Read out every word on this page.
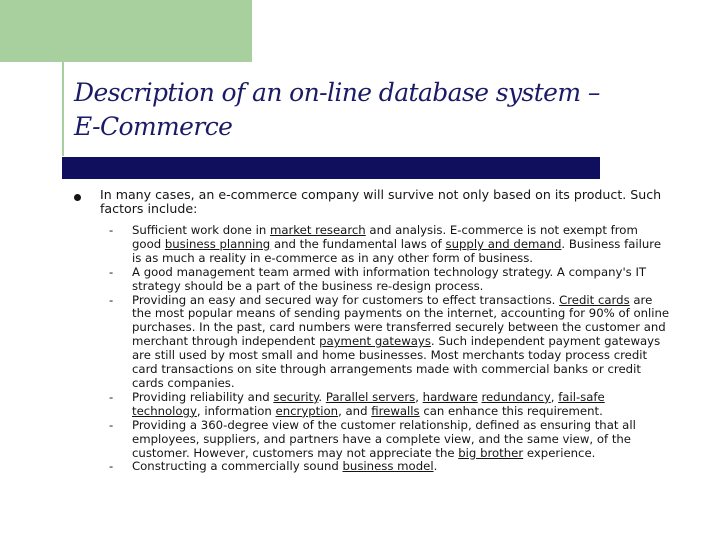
Description of an on-line database system –
E-Commerce
In many cases, an e-commerce company will survive not only based on its product. Such factors include:
- Sufficient work done in market research and analysis. E-commerce is not exempt from good business planning and the fundamental laws of supply and demand. Business failure is as much a reality in e-commerce as in any other form of business.
- A good management team armed with information technology strategy. A company's IT strategy should be a part of the business re-design process.
- Providing an easy and secured way for customers to effect transactions. Credit cards are the most popular means of sending payments on the internet, accounting for 90% of online purchases. In the past, card numbers were transferred securely between the customer and merchant through independent payment gateways. Such independent payment gateways are still used by most small and home businesses. Most merchants today process credit card transactions on site through arrangements made with commercial banks or credit cards companies.
- Providing reliability and security. Parallel servers, hardware redundancy, fail-safe technology, information encryption, and firewalls can enhance this requirement.
- Providing a 360-degree view of the customer relationship, defined as ensuring that all employees, suppliers, and partners have a complete view, and the same view, of the customer. However, customers may not appreciate the big brother experience.
- Constructing a commercially sound business model.
